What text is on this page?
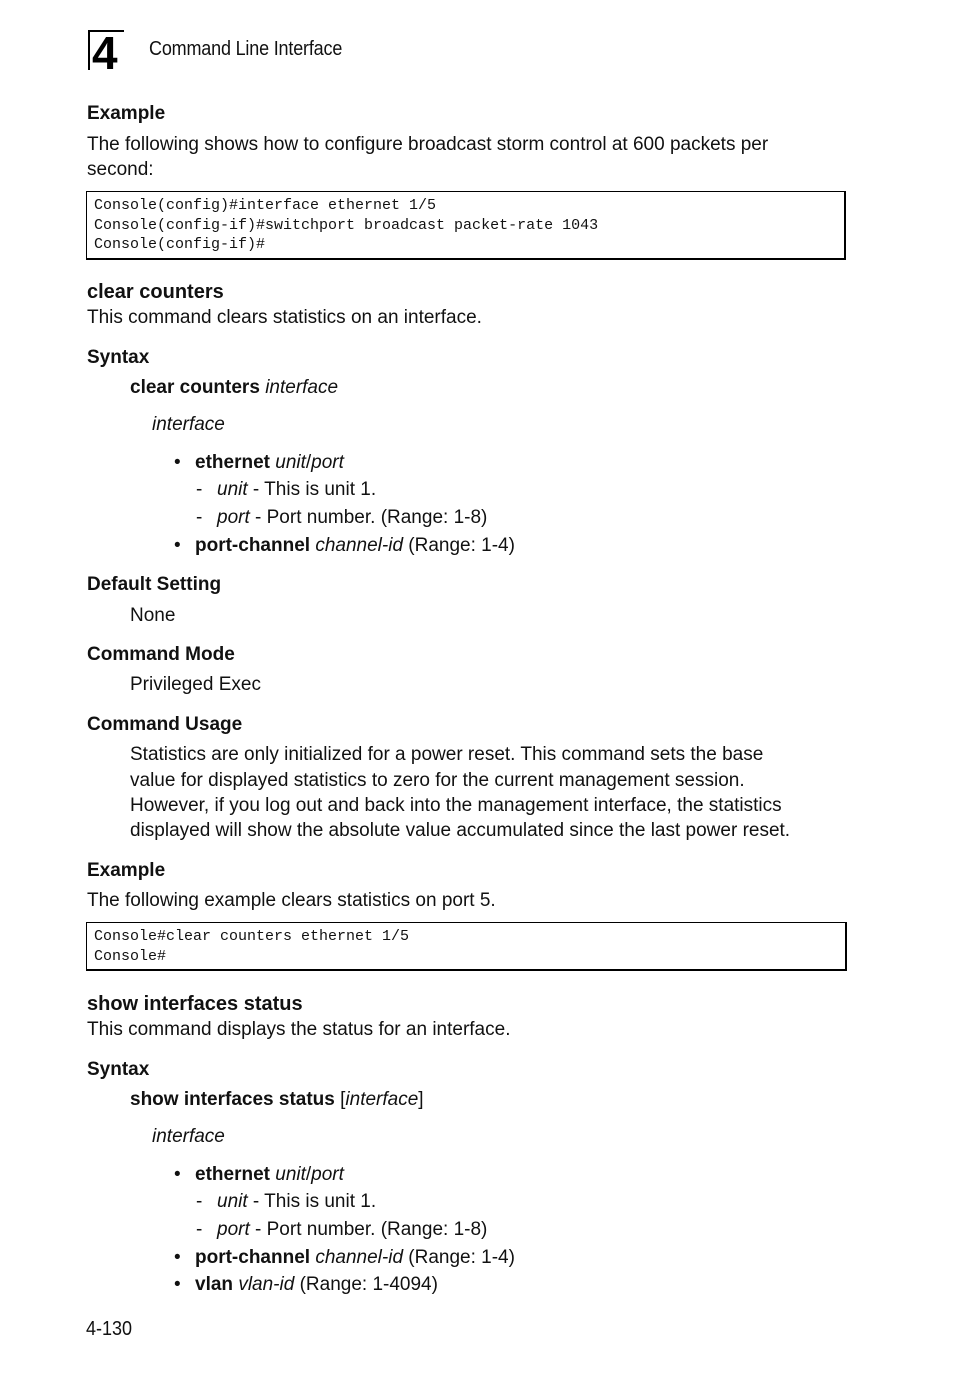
4 Command Line Interface
Example
The following shows how to configure broadcast storm control at 600 packets per
second:
Console(config)#interface ethernet 1/5
Console(config-if)#switchport broadcast packet-rate 1043
Console(config-if)#
clear counters
This command clears statistics on an interface.
Syntax
clear counters interface
interface
• ethernet unit/port
- unit - This is unit 1.
- port - Port number. (Range: 1-8)
• port-channel channel-id (Range: 1-4)
Default Setting
None
Command Mode
Privileged Exec
Command Usage
Statistics are only initialized for a power reset. This command sets the base
value for displayed statistics to zero for the current management session.
However, if you log out and back into the management interface, the statistics
displayed will show the absolute value accumulated since the last power reset.
Example
The following example clears statistics on port 5.
Console#clear counters ethernet 1/5
Console#
show interfaces status
This command displays the status for an interface.
Syntax
show interfaces status [interface]
interface
• ethernet unit/port
- unit - This is unit 1.
- port - Port number. (Range: 1-8)
• port-channel channel-id (Range: 1-4)
• vlan vlan-id (Range: 1-4094)
4-130
